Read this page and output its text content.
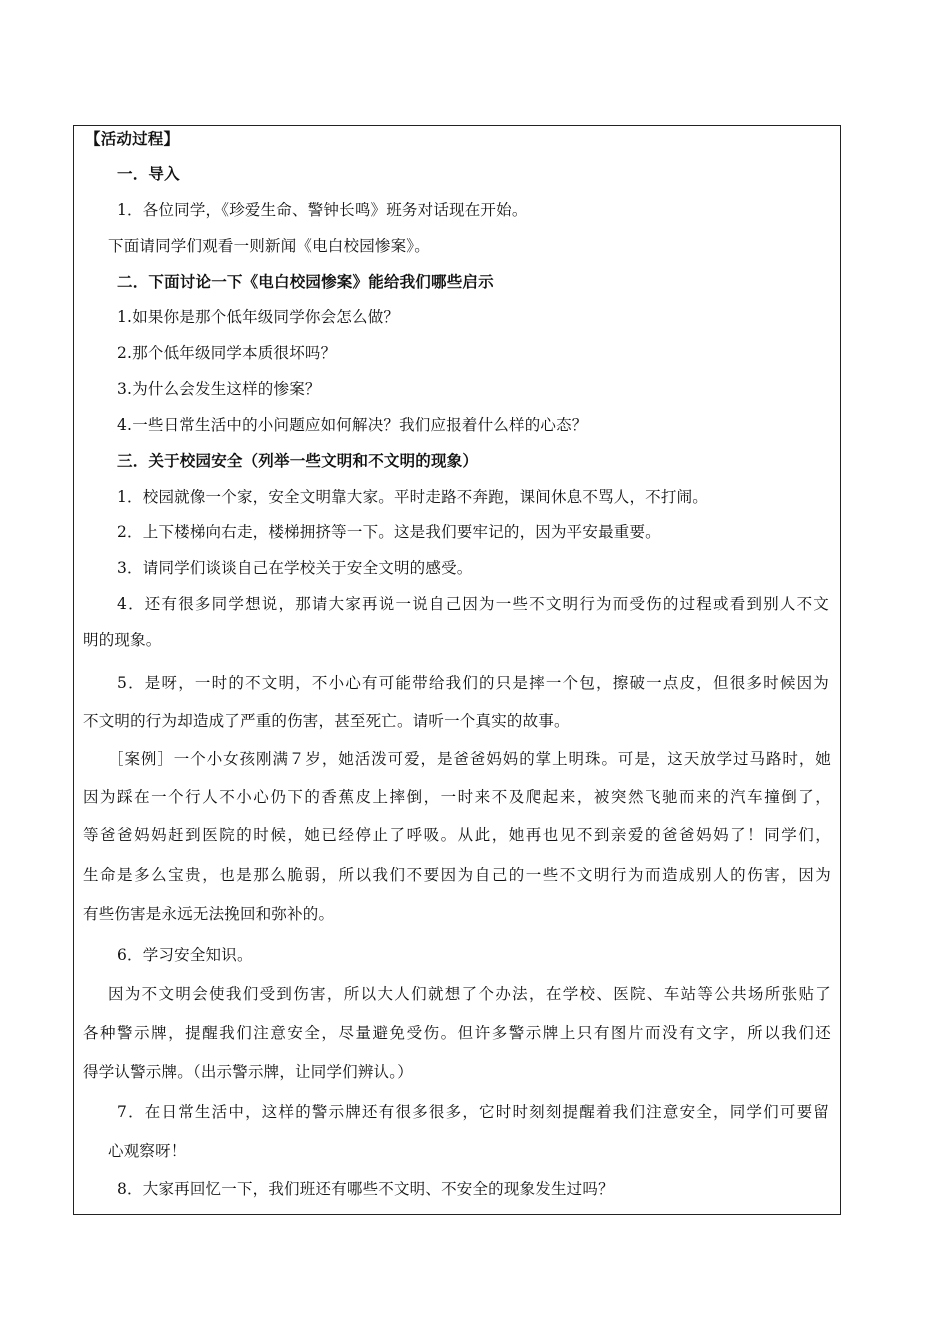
【活动过程】
一．导入
1．各位同学，《珍爱生命、警钟长鸣》班务对话现在开始。
下面请同学们观看一则新闻《电白校园惨案》。
二．下面讨论一下《电白校园惨案》能给我们哪些启示
1.如果你是那个低年级同学你会怎么做？
2.那个低年级同学本质很坏吗？
3.为什么会发生这样的惨案？
4.一些日常生活中的小问题应如何解决？我们应报着什么样的心态？
三．关于校园安全（列举一些文明和不文明的现象）
1．校园就像一个家，安全文明靠大家。平时走路不奔跑，课间休息不骂人，不打闹。
2．上下楼梯向右走，楼梯拥挤等一下。这是我们要牢记的，因为平安最重要。
3．请同学们谈谈自己在学校关于安全文明的感受。
4．还有很多同学想说，那请大家再说一说自己因为一些不文明行为而受伤的过程或看到别人不文
明的现象。
5．是呀，一时的不文明，不小心有可能带给我们的只是摔一个包，擦破一点皮，但很多时候因为
不文明的行为却造成了严重的伤害，甚至死亡。请听一个真实的故事。
［案例］一个小女孩刚满７岁，她活泼可爱，是爸爸妈妈的掌上明珠。可是，这天放学过马路时，她
因为踩在一个行人不小心仍下的香蕉皮上摔倒，一时来不及爬起来，被突然飞驰而来的汽车撞倒了，
等爸爸妈妈赶到医院的时候，她已经停止了呼吸。从此，她再也见不到亲爱的爸爸妈妈了！同学们，
生命是多么宝贵，也是那么脆弱，所以我们不要因为自己的一些不文明行为而造成别人的伤害，因为
有些伤害是永远无法挽回和弥补的。
6．学习安全知识。
因为不文明会使我们受到伤害，所以大人们就想了个办法，在学校、医院、车站等公共场所张贴了
各种警示牌，提醒我们注意安全，尽量避免受伤。但许多警示牌上只有图片而没有文字，所以我们还
得学认警示牌。（出示警示牌，让同学们辨认。）
7．在日常生活中，这样的警示牌还有很多很多，它时时刻刻提醒着我们注意安全，同学们可要留
心观察呀！
8．大家再回忆一下，我们班还有哪些不文明、不安全的现象发生过吗？
